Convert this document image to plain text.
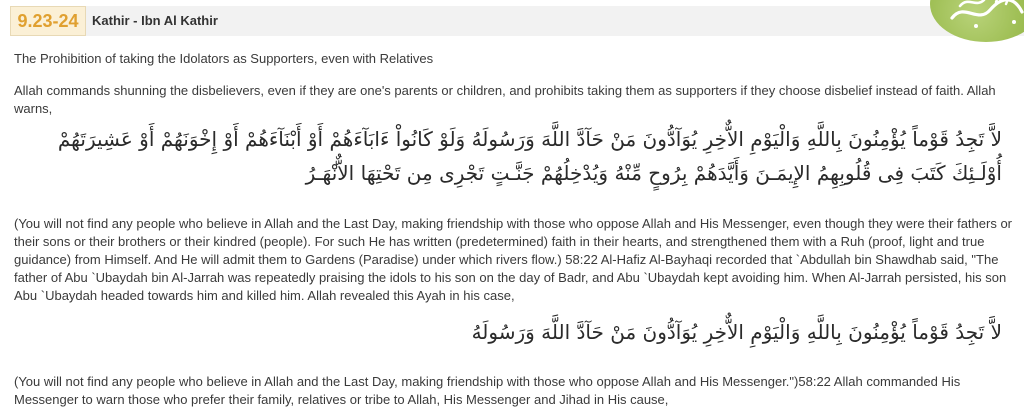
9.23-24	Kathir - Ibn Al Kathir
The Prohibition of taking the Idolators as Supporters, even with Relatives

Allah commands shunning the disbelievers, even if they are one's parents or children, and prohibits taking them as supporters if they choose disbelief instead of faith. Allah warns,

لاَّ تَجِدُ قَوْماً يُؤْمِنُونَ بِاللَّهِ وَالْيَوْمِ الاٌّخِرِ يُوَآدُّونَ مَنْ حَآدَّ اللَّهَ وَرَسُولَهُ وَلَوْ كَانُواْ ءَابَآءَهُمْ أَوْ أَبْنَآءَهُمْ أَوْ إِخْوَنَهُمْ أَوْ عَشِيرَتَهُمْ أُوْلَـئِكَ كَتَبَ فِى قُلُوبِهِمُ الإِيمَـنَ وَأَيَّدَهُمْ بِرُوحٍ مِّنْهُ وَيُدْخِلُهُمْ جَنَّـتٍ تَجْرِى مِن تَحْتِهَا الاٌّنْهَـرُ

(You will not find any people who believe in Allah and the Last Day, making friendship with those who oppose Allah and His Messenger, even though they were their fathers or their sons or their brothers or their kindred (people). For such He has written (predetermined) faith in their hearts, and strengthened them with a Ruh (proof, light and true guidance) from Himself. And He will admit them to Gardens (Paradise) under which rivers flow.) 58:22 Al-Hafiz Al-Bayhaqi recorded that `Abdullah bin Shawdhab said, "The father of Abu `Ubaydah bin Al-Jarrah was repeatedly praising the idols to his son on the day of Badr, and Abu `Ubaydah kept avoiding him. When Al-Jarrah persisted, his son Abu `Ubaydah headed towards him and killed him. Allah revealed this Ayah in his case,

لاَّ تَجِدُ قَوْماً يُؤْمِنُونَ بِاللَّهِ وَالْيَوْمِ الاٌّخِرِ يُوَآدُّونَ مَنْ حَآدَّ اللَّهَ وَرَسُولَهُ

(You will not find any people who believe in Allah and the Last Day, making friendship with those who oppose Allah and His Messenger.")58:22 Allah commanded His Messenger to warn those who prefer their family, relatives or tribe to Allah, His Messenger and Jihad in His cause,
